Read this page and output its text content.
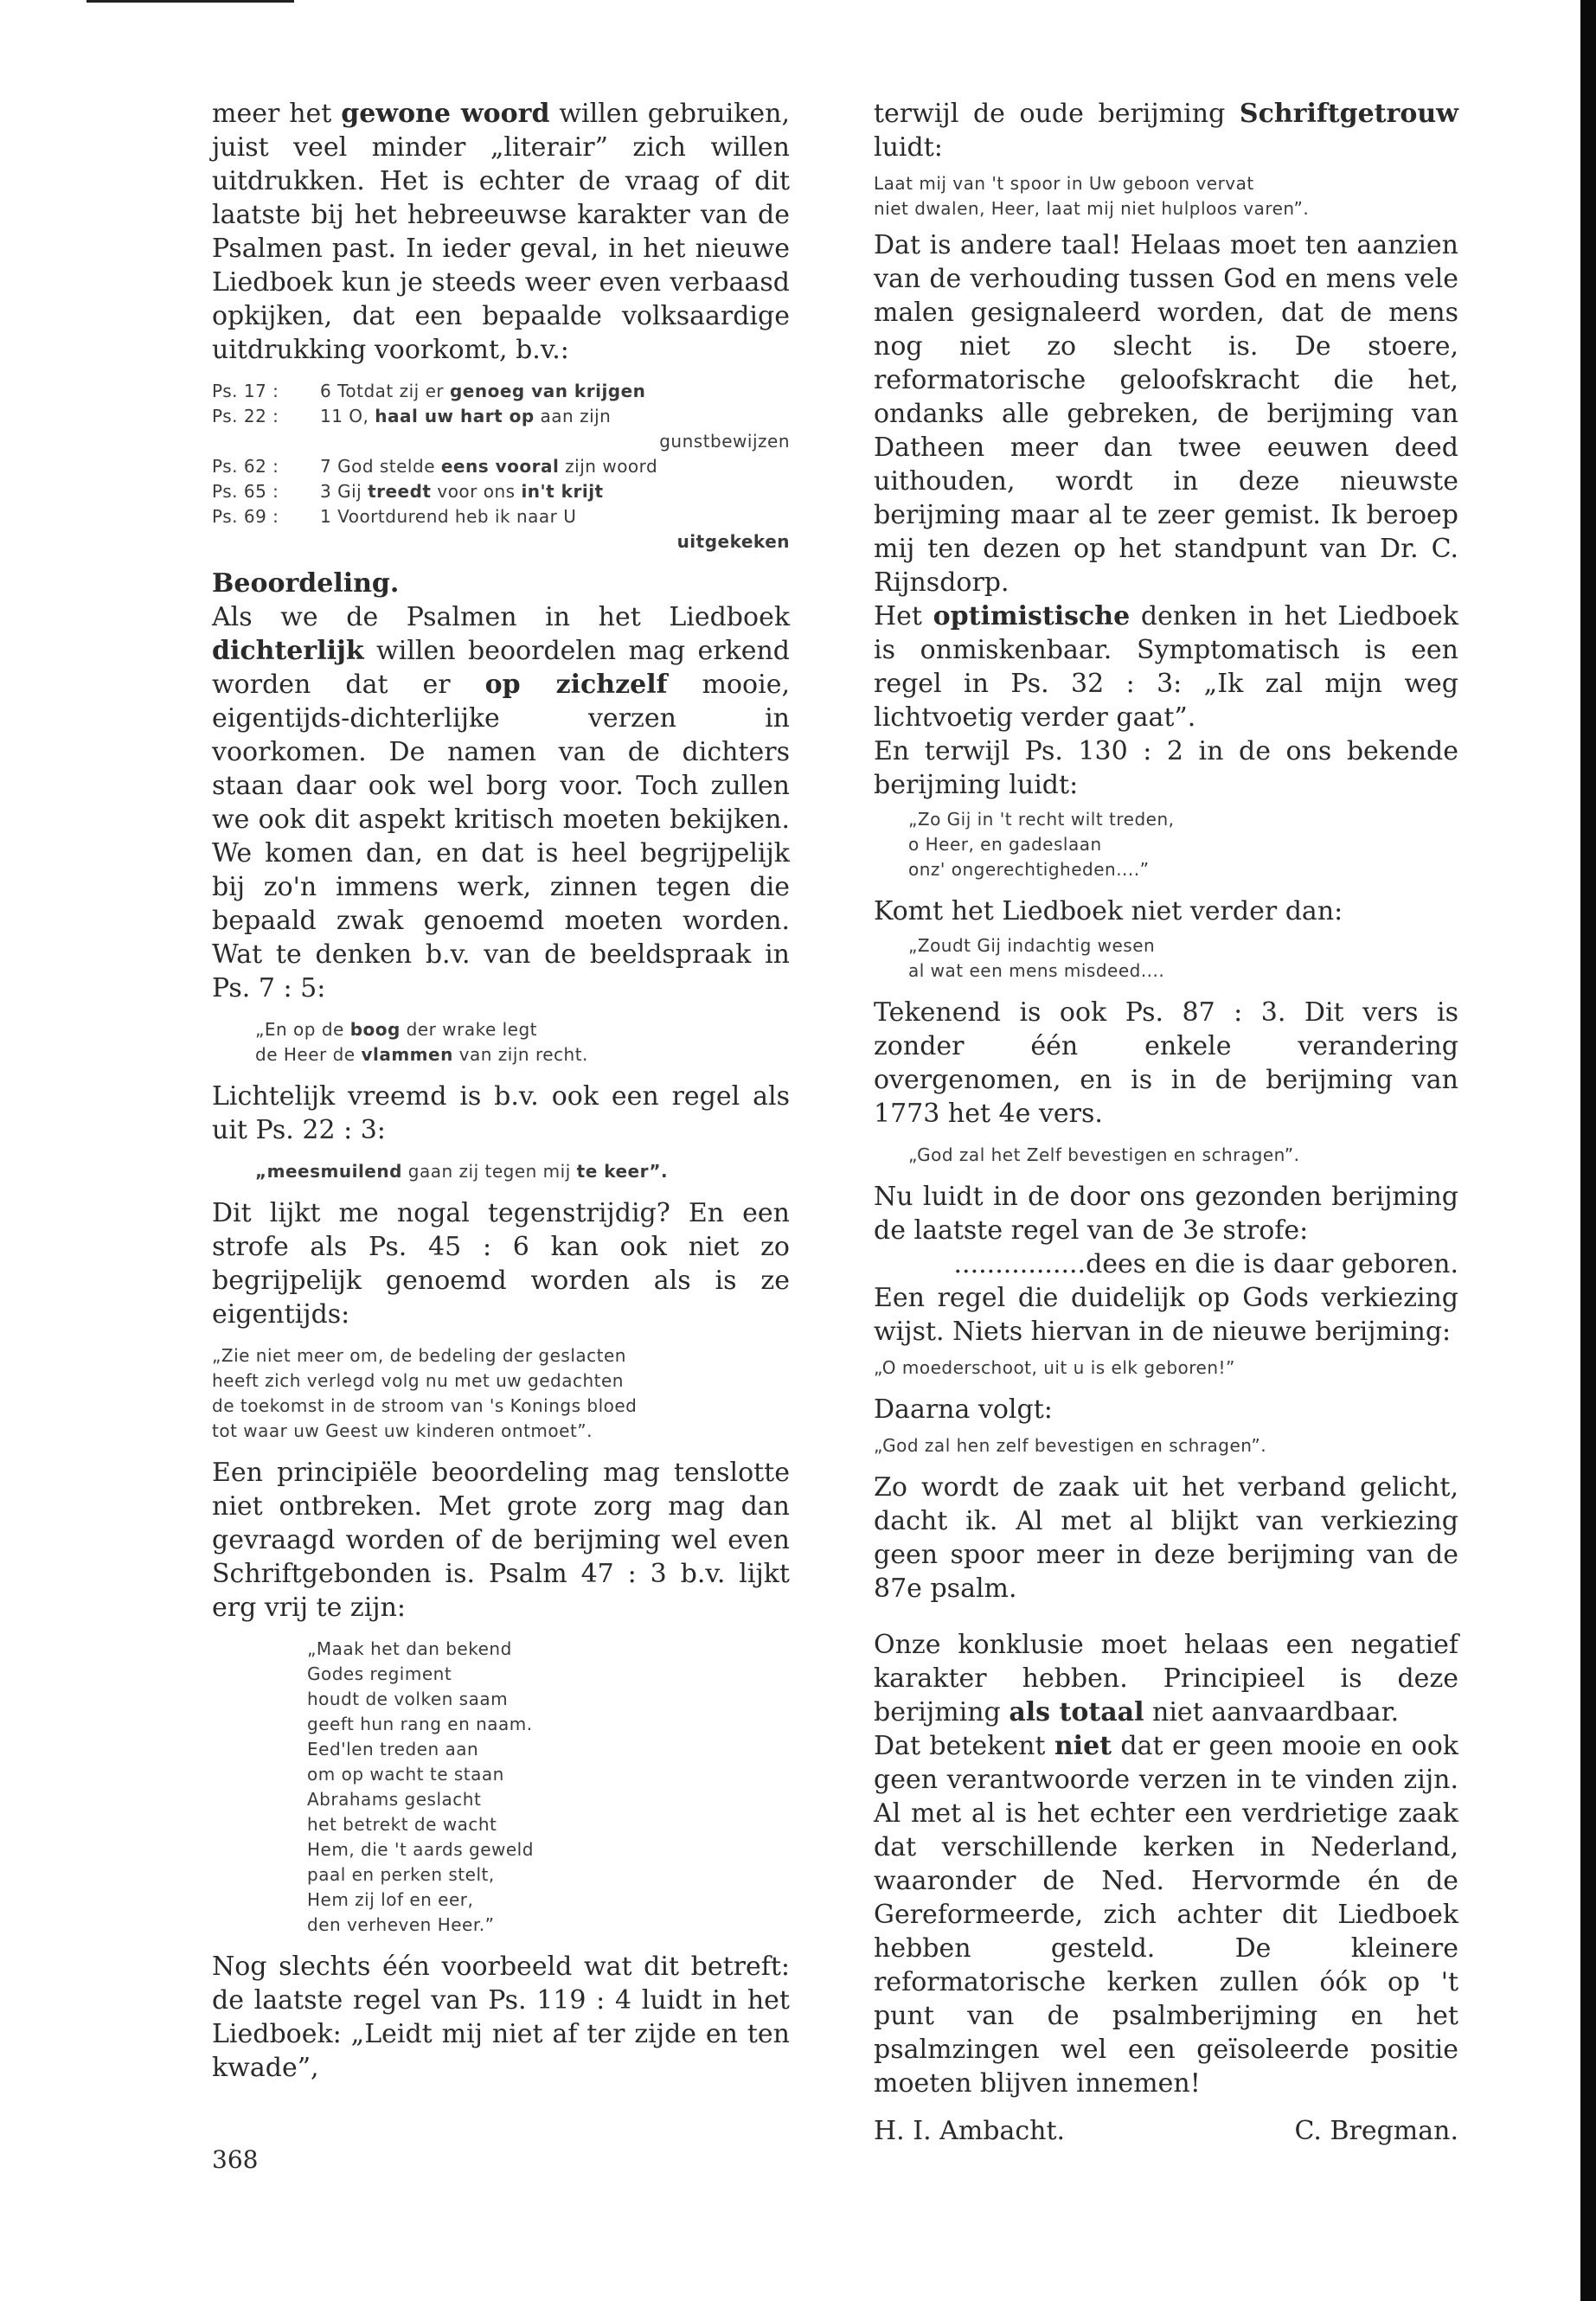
meer het gewone woord willen gebruiken, juist veel minder „literair” zich willen uitdrukken. Het is echter de vraag of dit laatste bij het hebreeuwse karakter van de Psalmen past. In ieder geval, in het nieuwe Liedboek kun je steeds weer even verbaasd opkijken, dat een bepaalde volksaardige uitdrukking voorkomt, b.v.:

Ps. 17 :	6 Totdat zij er genoeg van krijgen
Ps. 22 :	11 O, haal uw hart op aan zijn
gunstbewijzen
Ps. 62 :	7 God stelde eens vooral zijn woord
Ps. 65 :	3 Gij treedt voor ons in't krijt
Ps. 69 :	1 Voortdurend heb ik naar U
uitgekeken
Beoordeling.

Als we de Psalmen in het Liedboek dichterlijk willen beoordelen mag erkend worden dat er op zichzelf mooie, eigentijds-dichterlijke verzen in voorkomen. De namen van de dichters staan daar ook wel borg voor. Toch zullen we ook dit aspekt kritisch moeten bekijken. We komen dan, en dat is heel begrijpelijk bij zo'n immens werk, zinnen tegen die bepaald zwak genoemd moeten worden. Wat te denken b.v. van de beeldspraak in Ps. 7 : 5:

„En op de boog der wrake legt
de Heer de vlammen van zijn recht.

Lichtelijk vreemd is b.v. ook een regel als uit Ps. 22 : 3:

„meesmuilend gaan zij tegen mij te keer”.

Dit lijkt me nogal tegenstrijdig? En een strofe als Ps. 45 : 6 kan ook niet zo begrijpelijk genoemd worden als is ze eigentijds:

„Zie niet meer om, de bedeling der geslacten
heeft zich verlegd volg nu met uw gedachten
de toekomst in de stroom van 's Konings bloed
tot waar uw Geest uw kinderen ontmoet”.

Een principiële beoordeling mag tenslotte niet ontbreken. Met grote zorg mag dan gevraagd worden of de berijming wel even Schriftgebonden is. Psalm 47 : 3 b.v. lijkt erg vrij te zijn:

„Maak het dan bekend
Godes regiment
houdt de volken saam
geeft hun rang en naam.
Eed'len treden aan
om op wacht te staan
Abrahams geslacht
het betrekt de wacht
Hem, die 't aards geweld
paal en perken stelt,
Hem zij lof en eer,
den verheven Heer.”

Nog slechts één voorbeeld wat dit betreft: de laatste regel van Ps. 119 : 4 luidt in het Liedboek: „Leidt mij niet af ter zijde en ten kwade”,

terwijl de oude berijming Schriftgetrouw luidt:

Laat mij van 't spoor in Uw geboon vervat
niet dwalen, Heer, laat mij niet hulploos varen”.

Dat is andere taal! Helaas moet ten aanzien van de verhouding tussen God en mens vele malen gesignaleerd worden, dat de mens nog niet zo slecht is. De stoere, reformatorische geloofskracht die het, ondanks alle gebreken, de berijming van Datheen meer dan twee eeuwen deed uithouden, wordt in deze nieuwste berijming maar al te zeer gemist. Ik beroep mij ten dezen op het standpunt van Dr. C. Rijnsdorp.

Het optimistische denken in het Liedboek is onmiskenbaar. Symptomatisch is een regel in Ps. 32 : 3: „Ik zal mijn weg lichtvoetig verder gaat”.

En terwijl Ps. 130 : 2 in de ons bekende berijming luidt:

„Zo Gij in 't recht wilt treden,
o Heer, en gadeslaan
onz' ongerechtigheden....”

Komt het Liedboek niet verder dan:

„Zoudt Gij indachtig wesen
al wat een mens misdeed....

Tekenend is ook Ps. 87 : 3. Dit vers is zonder één enkele verandering overgenomen, en is in de berijming van 1773 het 4e vers.

„God zal het Zelf bevestigen en schragen”.

Nu luidt in de door ons gezonden berijming de laatste regel van de 3e strofe:

................dees en die is daar geboren.

Een regel die duidelijk op Gods verkiezing wijst. Niets hiervan in de nieuwe berijming:

„O moederschoot, uit u is elk geboren!”

Daarna volgt:

„God zal hen zelf bevestigen en schragen”.

Zo wordt de zaak uit het verband gelicht, dacht ik. Al met al blijkt van verkiezing geen spoor meer in deze berijming van de 87e psalm.

Onze konklusie moet helaas een negatief karakter hebben. Principieel is deze berijming als totaal niet aanvaardbaar.

Dat betekent niet dat er geen mooie en ook geen verantwoorde verzen in te vinden zijn. Al met al is het echter een verdrietige zaak dat verschillende kerken in Nederland, waaronder de Ned. Hervormde én de Gereformeerde, zich achter dit Liedboek hebben gesteld. De kleinere reformatorische kerken zullen óók op 't punt van de psalmberijming en het psalmzingen wel een geïsoleerde positie moeten blijven innemen!

H. I. Ambacht.	C. Bregman.
368
